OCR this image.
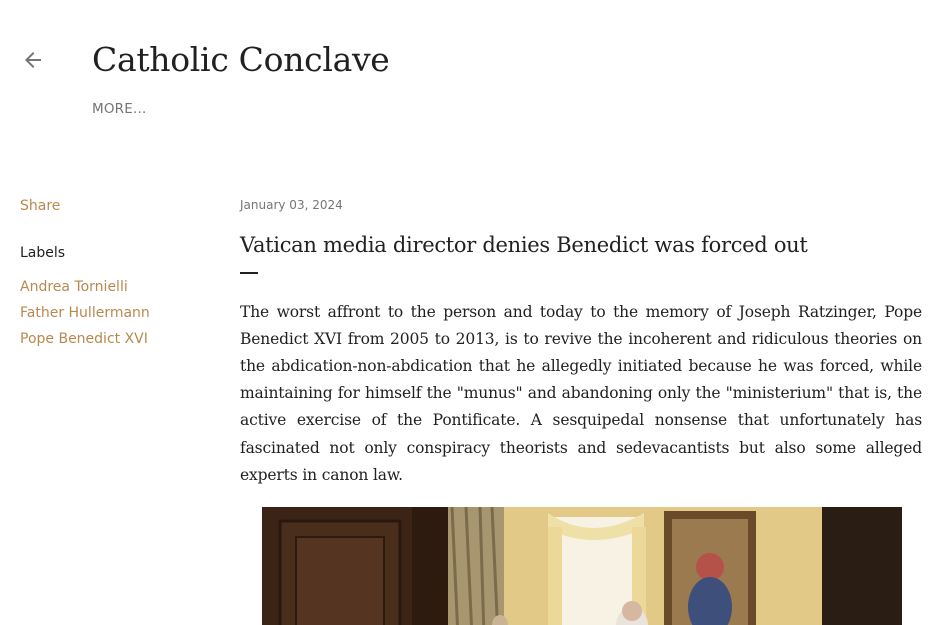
Catholic Conclave
MORE...
Share
Labels
Andrea Tornielli
Father Hullermann
Pope Benedict XVI
January 03, 2024
Vatican media director denies Benedict was forced out

The worst affront to the person and today to the memory of Joseph Ratzinger, Pope Benedict XVI from 2005 to 2013, is to revive the incoherent and ridiculous theories on the abdication-non-abdication that he allegedly initiated because he was forced, while maintaining for himself the "munus" and abandoning only the "ministerium" that is, the active exercise of the Pontificate. A sesquipedal nonsense that unfortunately has fascinated not only conspiracy theorists and sedevacantists but also some alleged experts in canon law.
